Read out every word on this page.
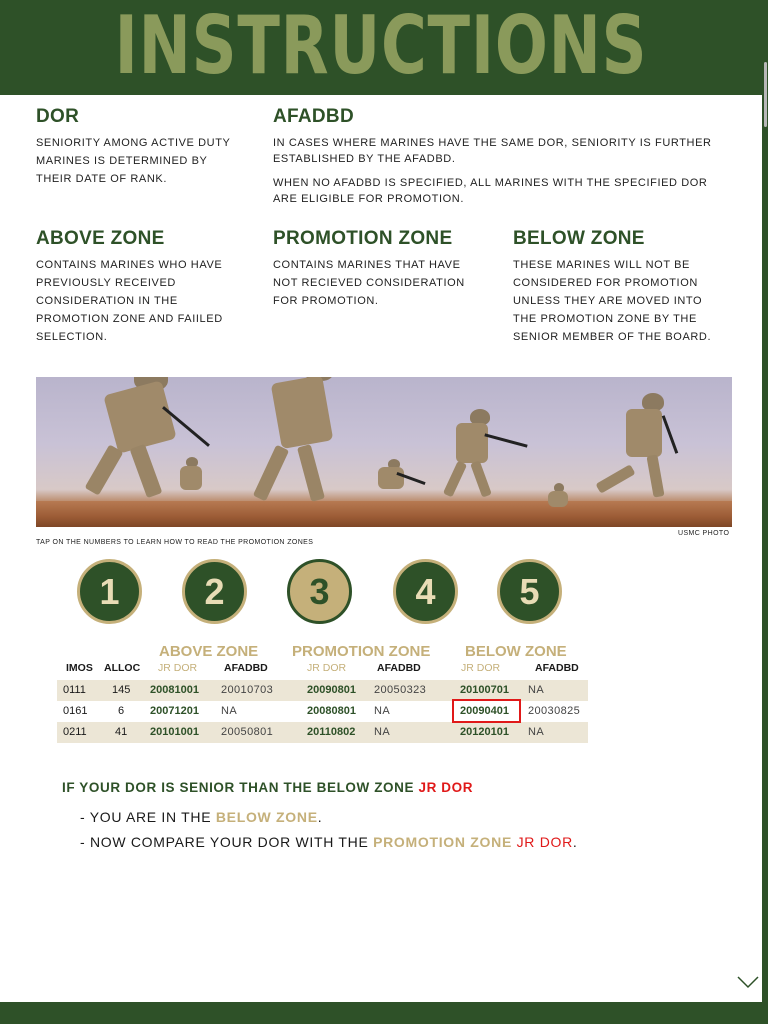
INSTRUCTIONS
DOR
SENIORITY AMONG ACTIVE DUTY MARINES IS DETERMINED BY THEIR DATE OF RANK.
AFADBD
IN CASES WHERE MARINES HAVE THE SAME DOR, SENIORITY IS FURTHER ESTABLISHED BY THE AFADBD.
WHEN NO AFADBD IS SPECIFIED, ALL MARINES WITH THE SPECIFIED DOR ARE ELIGIBLE FOR PROMOTION.
ABOVE ZONE
CONTAINS MARINES WHO HAVE PREVIOUSLY RECEIVED CONSIDERATION IN THE PROMOTION ZONE AND FAIILED SELECTION.
PROMOTION ZONE
CONTAINS MARINES THAT HAVE NOT RECIEVED CONSIDERATION FOR PROMOTION.
BELOW ZONE
THESE MARINES WILL NOT BE CONSIDERED FOR PROMOTION UNLESS THEY ARE MOVED INTO THE PROMOTION ZONE BY THE SENIOR MEMBER OF THE BOARD.
USMC PHOTO
TAP ON THE NUMBERS TO LEARN HOW TO READ THE PROMOTION ZONES
1	2	3	4	5
ABOVE ZONE PROMOTION ZONE BELOW ZONE
IMOS ALLOC JR DOR	AFADBD	JR DOR	AFADBD	JR DOR	AFADBD
0111 145 20081001 20010703	20090801 20050323	20100701 NA
0161	6 20071201 NA	20080801 NA	20090401 20030825
0211	41 20101001 20050801	20110802 NA	20120101 NA
IF YOUR DOR IS SENIOR THAN THE BELOW ZONE JR DOR
- YOU ARE IN THE BELOW ZONE.
- NOW COMPARE YOUR DOR WITH THE PROMOTION ZONE JR DOR.
